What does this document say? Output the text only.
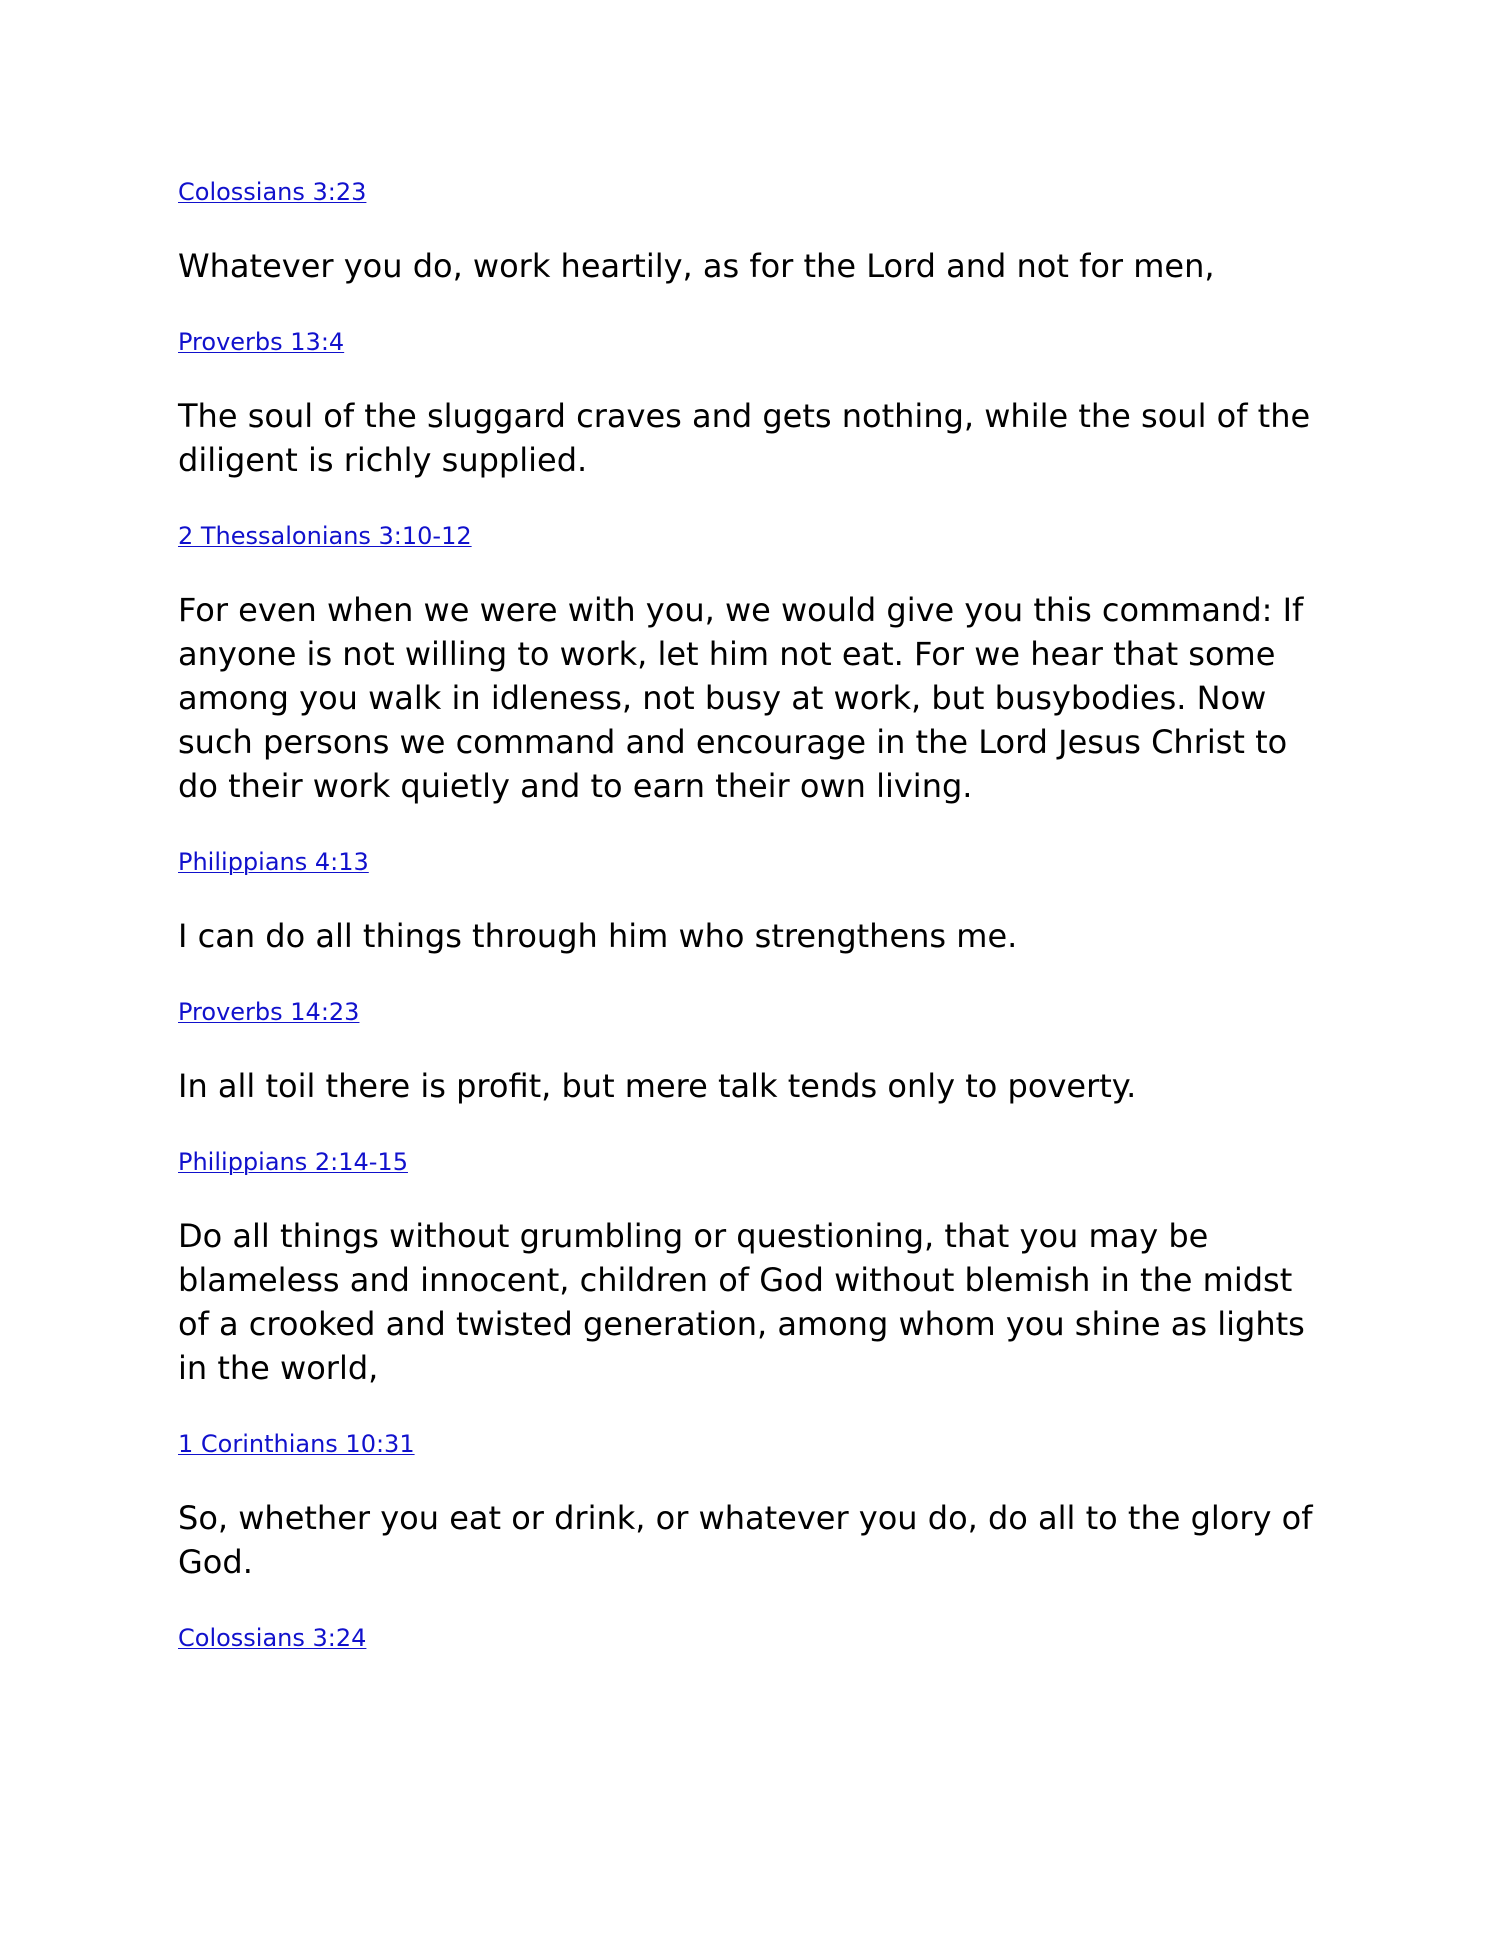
Colossians 3:23

Whatever you do, work heartily, as for the Lord and not for men,

Proverbs 13:4

The soul of the sluggard craves and gets nothing, while the soul of the diligent is richly supplied.

2 Thessalonians 3:10-12

For even when we were with you, we would give you this command: If anyone is not willing to work, let him not eat. For we hear that some among you walk in idleness, not busy at work, but busybodies. Now such persons we command and encourage in the Lord Jesus Christ to do their work quietly and to earn their own living.

Philippians 4:13

I can do all things through him who strengthens me.

Proverbs 14:23

In all toil there is profit, but mere talk tends only to poverty.

Philippians 2:14-15

Do all things without grumbling or questioning, that you may be blameless and innocent, children of God without blemish in the midst of a crooked and twisted generation, among whom you shine as lights in the world,

1 Corinthians 10:31

So, whether you eat or drink, or whatever you do, do all to the glory of God.

Colossians 3:24
